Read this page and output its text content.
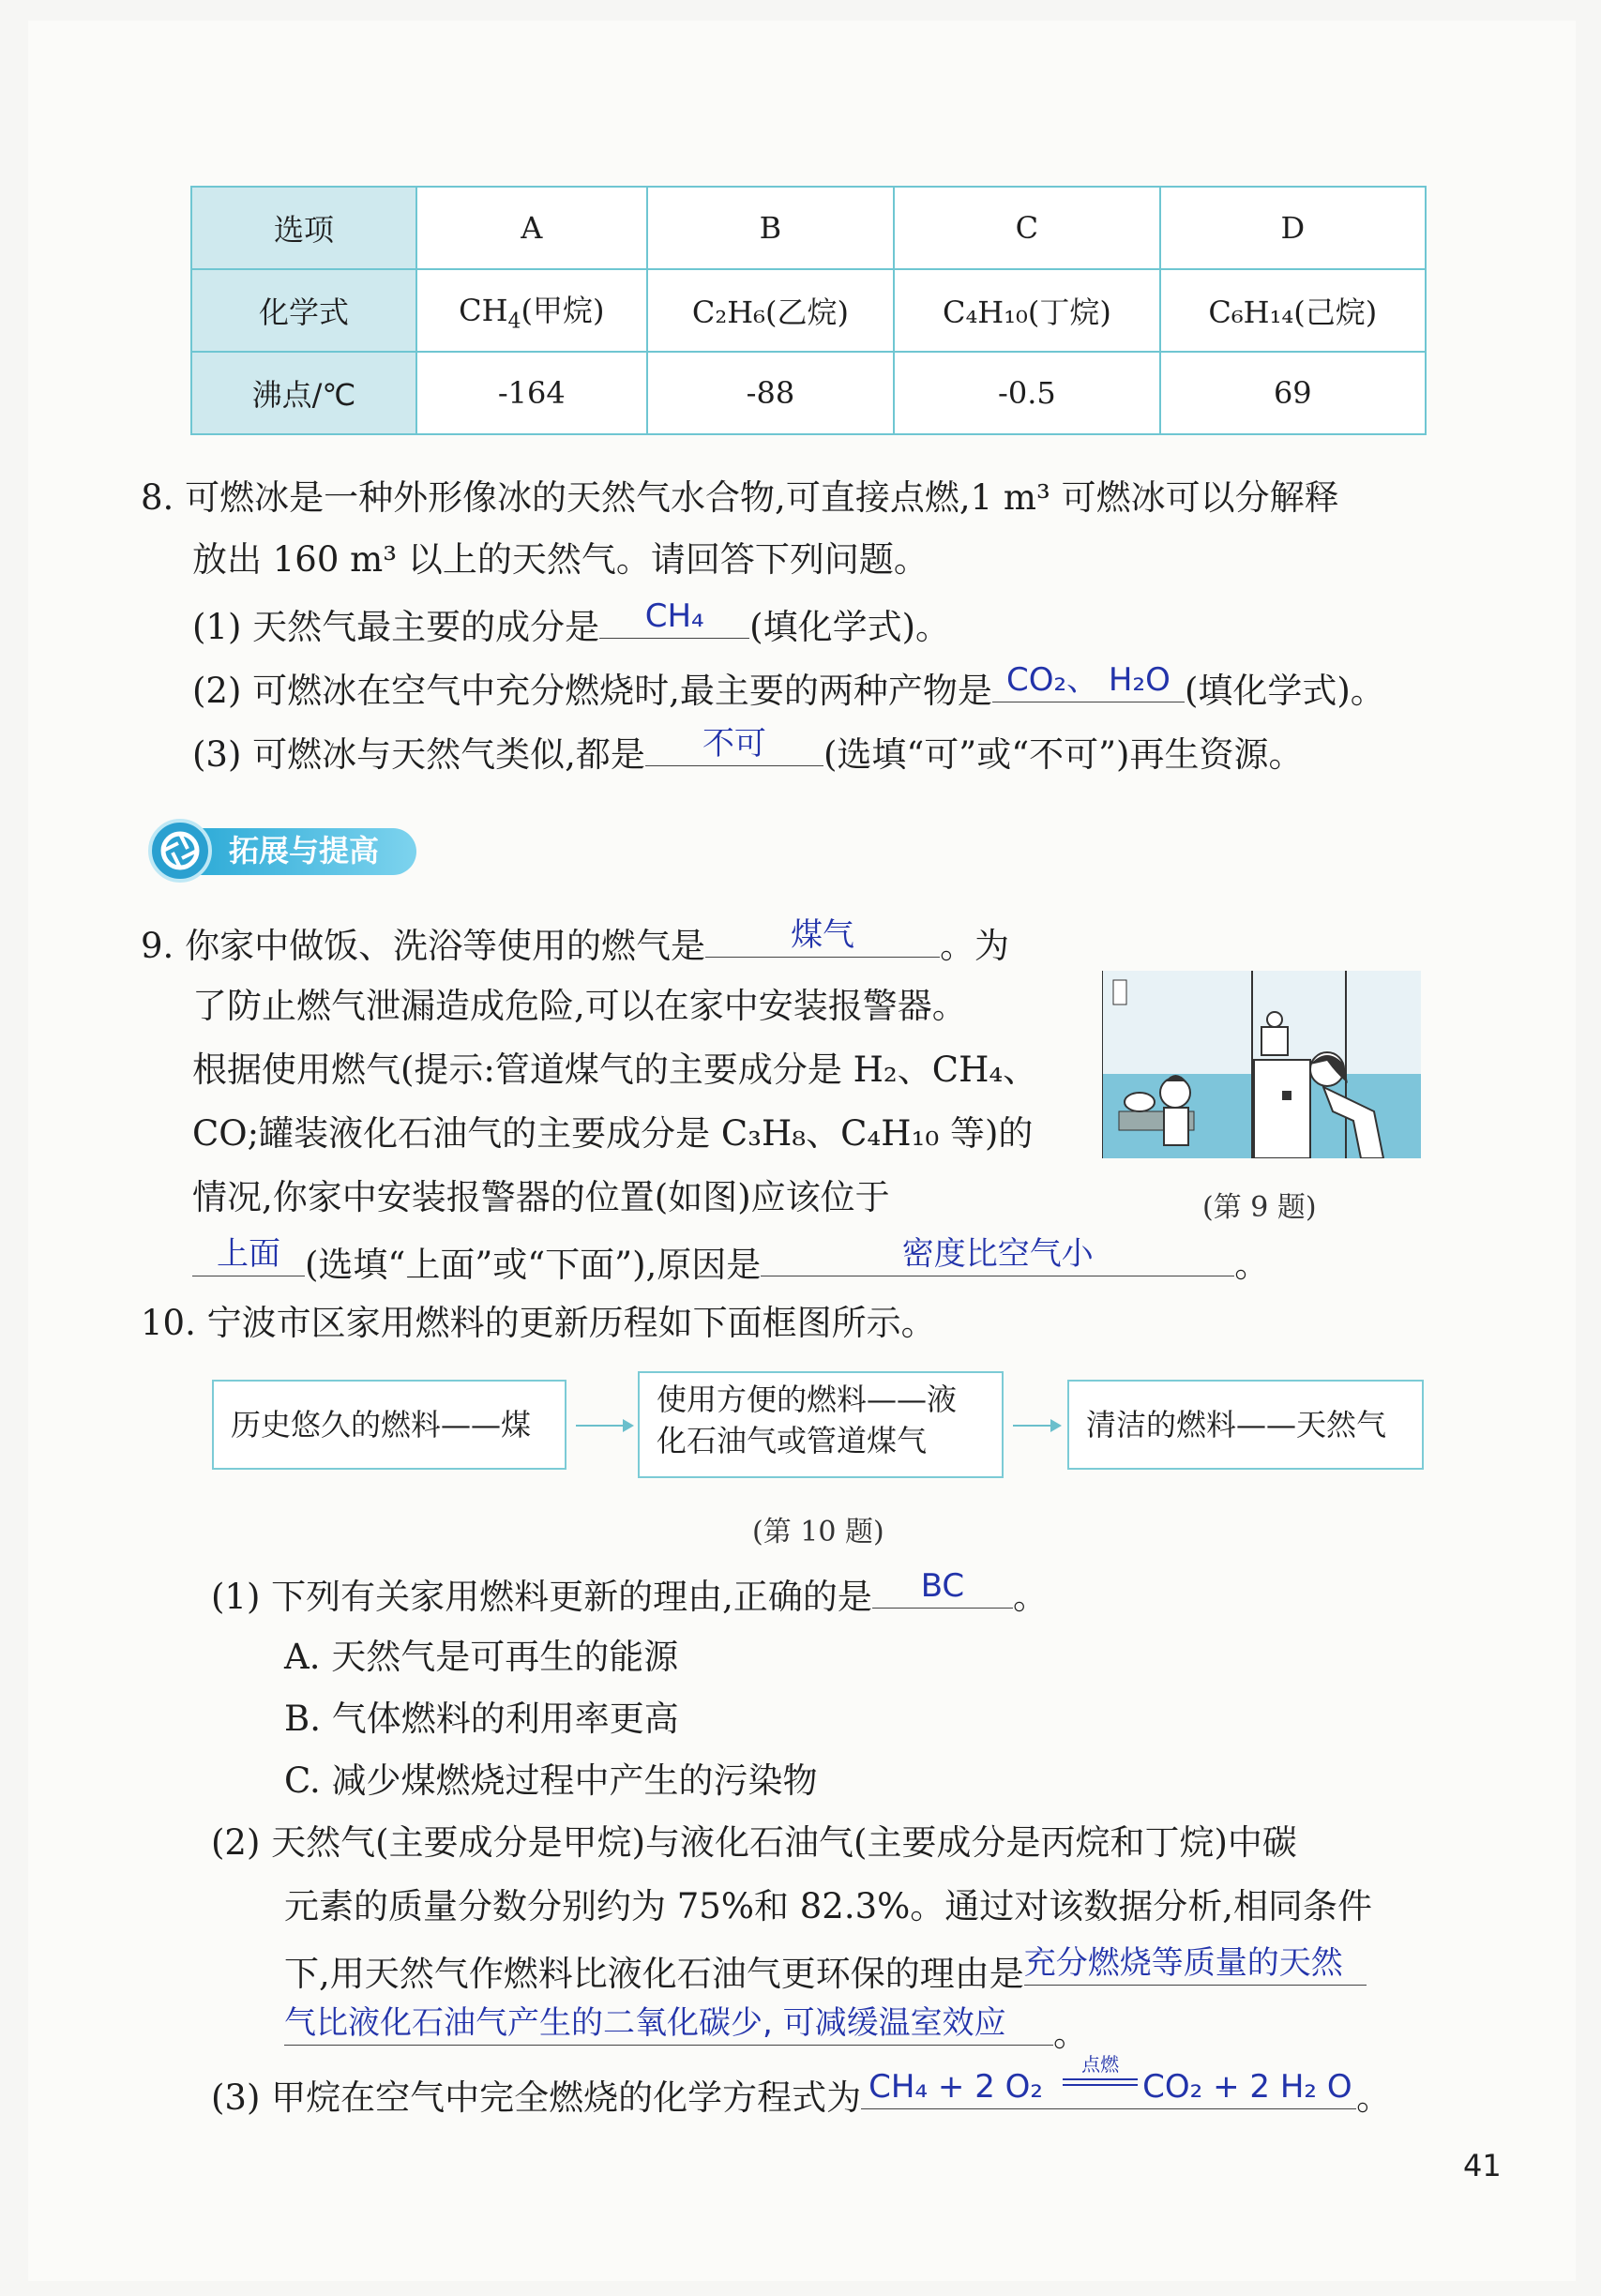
选项	A	B	C	D
化学式	$CH_4$(甲烷)	C₂H₆(乙烷)	C₄H₁₀(丁烷)	C₆H₁₄(己烷)
沸点/℃	-164	-88	-0.5	69
8. 可燃冰是一种外形像冰的天然气水合物,可直接点燃,1 m³ 可燃冰可以分解释
放出 160 m³ 以上的天然气。请回答下列问题。
(1) 天然气最主要的成分是	CH₄	(填化学式)。
(2) 可燃冰在空气中充分燃烧时,最主要的两种产物是 CO₂、 H₂O (填化学式)。
(3) 可燃冰与天然气类似,都是	不可	(选填“可”或“不可”)再生资源。
拓展与提高
9. 你家中做饭、洗浴等使用的燃气是	煤气	。为
了防止燃气泄漏造成危险,可以在家中安装报警器。
根据使用燃气(提示:管道煤气的主要成分是 H₂、CH₄、
CO;罐装液化石油气的主要成分是 C₃H₈、C₄H₁₀ 等)的
情况,你家中安装报警器的位置(如图)应该位于
上面 (选填“上面”或“下面”),原因是	密度比空气小	。
(第 9 题)
10. 宁波市区家用燃料的更新历程如下面框图所示。
历史悠久的燃料——煤
使用方便的燃料——液
化石油气或管道煤气	清洁的燃料——天然气
(第 10 题)
(1) 下列有关家用燃料更新的理由,正确的是	BC	。
A. 天然气是可再生的能源
B. 气体燃料的利用率更高
C. 减少煤燃烧过程中产生的污染物
(2) 天然气(主要成分是甲烷)与液化石油气(主要成分是丙烷和丁烷)中碳
元素的质量分数分别约为 75%和 82.3%。通过对该数据分析,相同条件
下,用天然气作燃料比液化石油气更环保的理由是 充分燃烧等质量的天然
气比液化石油气产生的二氧化碳少, 可减缓温室效应	。
(3) 甲烷在空气中完全燃烧的化学方程式为 CH₄ + 2 O₂
点燃
CO₂ + 2 H₂ O 。
41
